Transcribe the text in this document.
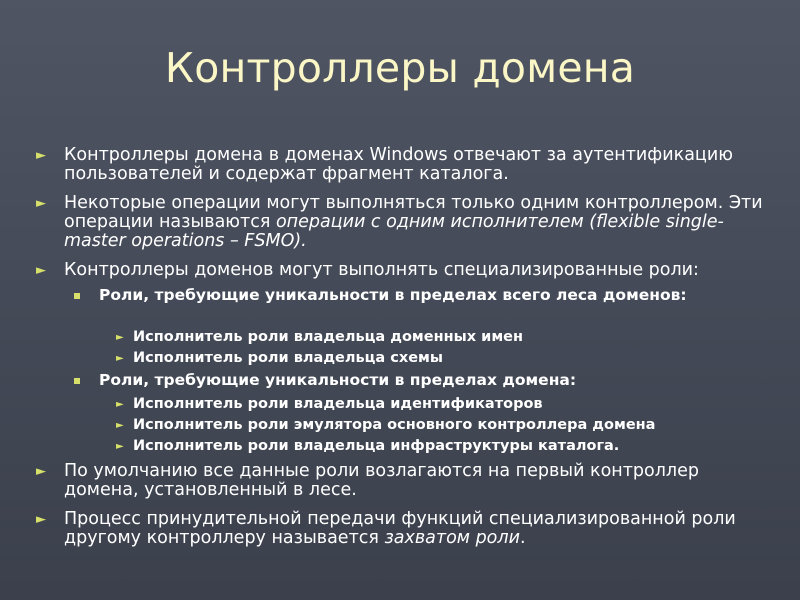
Контроллеры домена
►	Контроллеры домена в доменах Windows отвечают за аутентификацию пользователей и содержат фрагмент каталога.
►	Некоторые операции могут выполняться только одним контроллером. Эти операции называются операции с одним исполнителем (flexible single-master operations – FSMO).
►	Контроллеры доменов могут выполнять специализированные роли:
Роли, требующие уникальности в пределах всего леса доменов:
► Исполнитель роли владельца доменных имен
► Исполнитель роли владельца схемы
Роли, требующие уникальности в пределах домена:
► Исполнитель роли владельца идентификаторов
► Исполнитель роли эмулятора основного контроллера домена
► Исполнитель роли владельца инфраструктуры каталога.
►	По умолчанию все данные роли возлагаются на первый контроллер домена, установленный в лесе.
►	Процесс принудительной передачи функций специализированной роли другому контроллеру называется захватом роли.
